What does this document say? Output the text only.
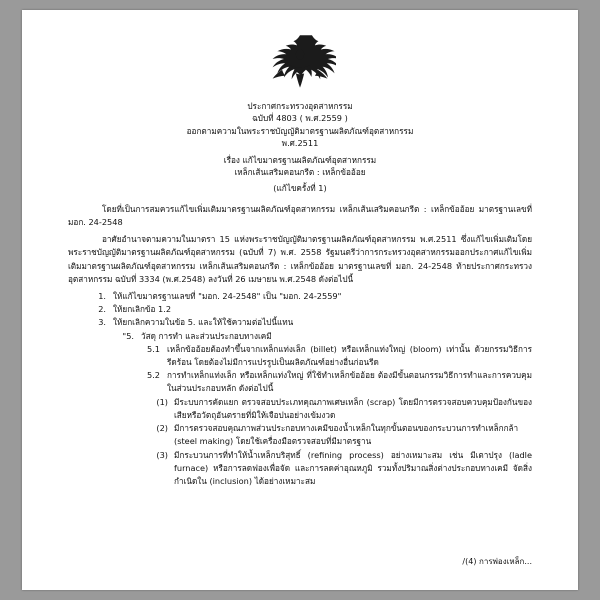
ประกาศกระทรวงอุตสาหกรรม
ฉบับที่ 4803 ( พ.ศ.2559 )
ออกตามความในพระราชบัญญัติมาตรฐานผลิตภัณฑ์อุตสาหกรรม
พ.ศ.2511
เรื่อง แก้ไขมาตรฐานผลิตภัณฑ์อุตสาหกรรม
เหล็กเส้นเสริมคอนกรีต : เหล็กข้ออ้อย
(แก้ไขครั้งที่ 1)
โดยที่เป็นการสมควรแก้ไขเพิ่มเติมมาตรฐานผลิตภัณฑ์อุตสาหกรรม เหล็กเส้นเสริมคอนกรีต : เหล็กข้ออ้อย มาตรฐานเลขที่ มอก. 24-2548
อาศัยอำนาจตามความในมาตรา 15 แห่งพระราชบัญญัติมาตรฐานผลิตภัณฑ์อุตสาหกรรม พ.ศ.2511 ซึ่งแก้ไขเพิ่มเติมโดยพระราชบัญญัติมาตรฐานผลิตภัณฑ์อุตสาหกรรม (ฉบับที่ 7) พ.ศ. 2558 รัฐมนตรีว่าการกระทรวงอุตสาหกรรมออกประกาศแก้ไขเพิ่มเติมมาตรฐานผลิตภัณฑ์อุตสาหกรรม เหล็กเส้นเสริมคอนกรีต : เหล็กข้ออ้อย มาตรฐานเลขที่ มอก. 24-2548 ท้ายประกาศกระทรวงอุตสาหกรรม ฉบับที่ 3334 (พ.ศ.2548) ลงวันที่ 26 เมษายน พ.ศ.2548 ดังต่อไปนี้
1. ให้แก้ไขมาตรฐานเลขที่ "มอก. 24-2548" เป็น "มอก. 24-2559"
2. ให้ยกเลิกข้อ 1.2
3. ให้ยกเลิกความในข้อ 5. และให้ใช้ความต่อไปนี้แทน
"5. วัสดุ การทำ และส่วนประกอบทางเคมี
5.1 เหล็กข้ออ้อยต้องทำขึ้นจากเหล็กแท่งเล็ก (billet) หรือเหล็กแท่งใหญ่ (bloom) เท่านั้น ด้วยกรรมวิธีการรีดร้อน โดยต้องไม่มีการแปรรูปเป็นผลิตภัณฑ์อย่างอื่นก่อนรีด
5.2 การทำเหล็กแท่งเล็ก หรือเหล็กแท่งใหญ่ ที่ใช้ทำเหล็กข้ออ้อย ต้องมีขั้นตอนกรรมวิธีการทำและการควบคุมในส่วนประกอบหลัก ดังต่อไปนี้
(1) มีระบบการคัดแยก ตรวจสอบประเภทคุณภาพเศษเหล็ก (scrap) โดยมีการตรวจสอบควบคุมป้องกันของเสียหรือวัตถุอันตรายที่มิให้เจือปนอย่างเข้มงวด
(2) มีการตรวจสอบคุณภาพส่วนประกอบทางเคมีของน้ำเหล็กในทุกขั้นตอนของกระบวนการทำเหล็กกล้า (steel making) โดยใช้เครื่องมือตรวจสอบที่มีมาตรฐาน
(3) มีกระบวนการที่ทำให้น้ำเหล็กบริสุทธิ์ (refining process) อย่างเหมาะสม เช่น มีเตาปรุง (ladle furnace) หรือการลดฟองเพื่อจัด และการลดค่าอุณหภูมิ รวมทั้งปริมาณสิ่งต่างประกอบทางเคมี จัดสิ่งกำเนิดใน (inclusion) ได้อย่างเหมาะสม
/(4) การพ่องเหล็ก...
